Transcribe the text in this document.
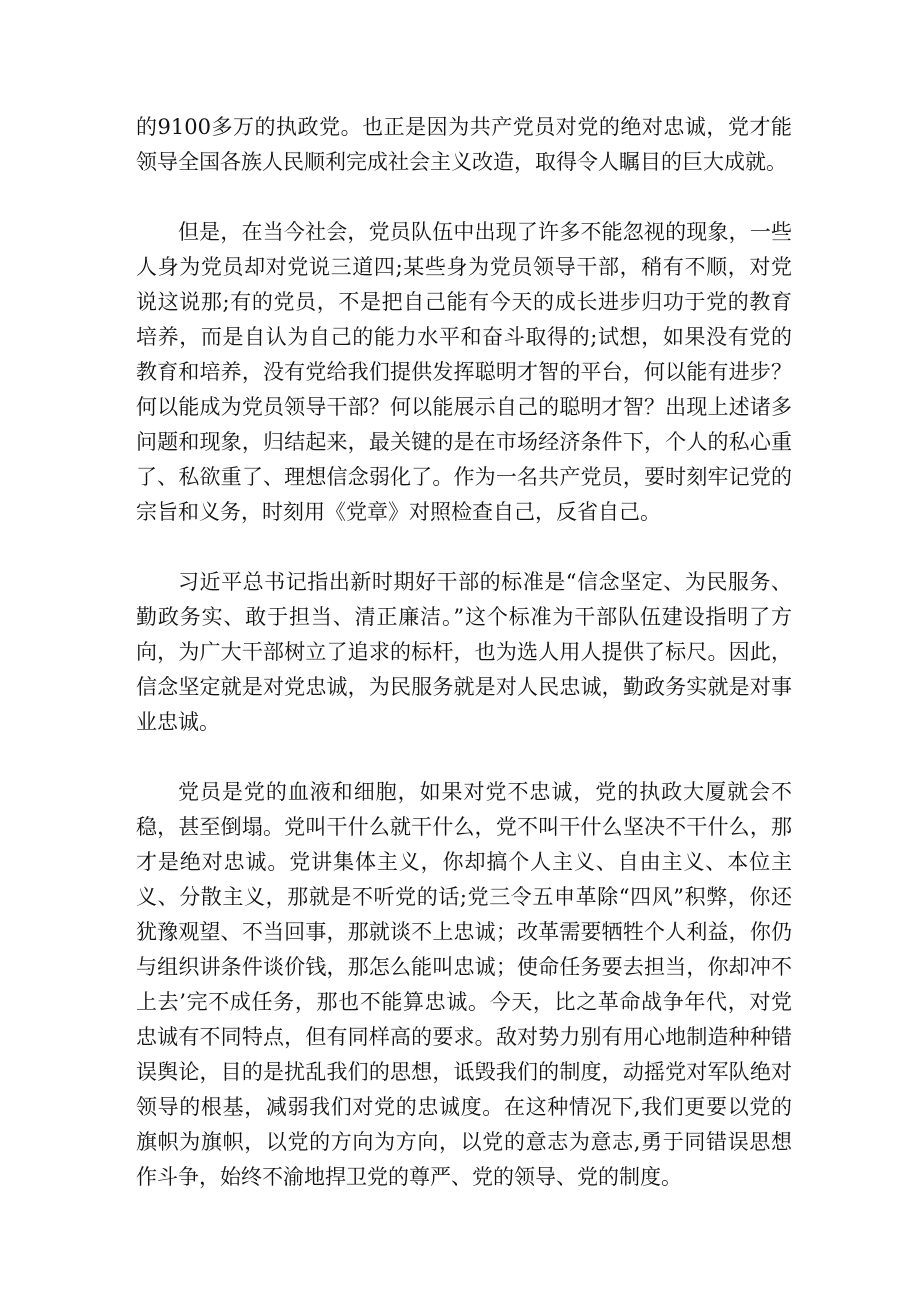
的9100多万的执政党。也正是因为共产党员对党的绝对忠诚，党才能领导全国各族人民顺利完成社会主义改造，取得令人瞩目的巨大成就。

但是，在当今社会，党员队伍中出现了许多不能忽视的现象，一些人身为党员却对党说三道四;某些身为党员领导干部，稍有不顺，对党说这说那;有的党员，不是把自己能有今天的成长进步归功于党的教育培养，而是自认为自己的能力水平和奋斗取得的;试想，如果没有党的教育和培养，没有党给我们提供发挥聪明才智的平台，何以能有进步？何以能成为党员领导干部？何以能展示自己的聪明才智？出现上述诸多问题和现象，归结起来，最关键的是在市场经济条件下，个人的私心重了、私欲重了、理想信念弱化了。作为一名共产党员，要时刻牢记党的宗旨和义务，时刻用《党章》对照检查自己，反省自己。

习近平总书记指出新时期好干部的标准是“信念坚定、为民服务、勤政务实、敢于担当、清正廉洁。”这个标准为干部队伍建设指明了方向，为广大干部树立了追求的标杆，也为选人用人提供了标尺。因此，信念坚定就是对党忠诚，为民服务就是对人民忠诚，勤政务实就是对事业忠诚。

党员是党的血液和细胞，如果对党不忠诚，党的执政大厦就会不稳，甚至倒塌。党叫干什么就干什么，党不叫干什么坚决不干什么，那才是绝对忠诚。党讲集体主义，你却搞个人主义、自由主义、本位主义、分散主义，那就是不听党的话;党三令五申革除“四风”积弊，你还犹豫观望、不当回事，那就谈不上忠诚；改革需要牺牲个人利益，你仍与组织讲条件谈价钱，那怎么能叫忠诚；使命任务要去担当，你却冲不上去’完不成任务，那也不能算忠诚。今天，比之革命战争年代，对党忠诚有不同特点，但有同样高的要求。敌对势力别有用心地制造种种错误舆论，目的是扰乱我们的思想，诋毁我们的制度，动摇党对军队绝对领导的根基，减弱我们对党的忠诚度。在这种情况下,我们更要以党的旗帜为旗帜，以党的方向为方向，以党的意志为意志,勇于同错误思想作斗争，始终不渝地捍卫党的尊严、党的领导、党的制度。
